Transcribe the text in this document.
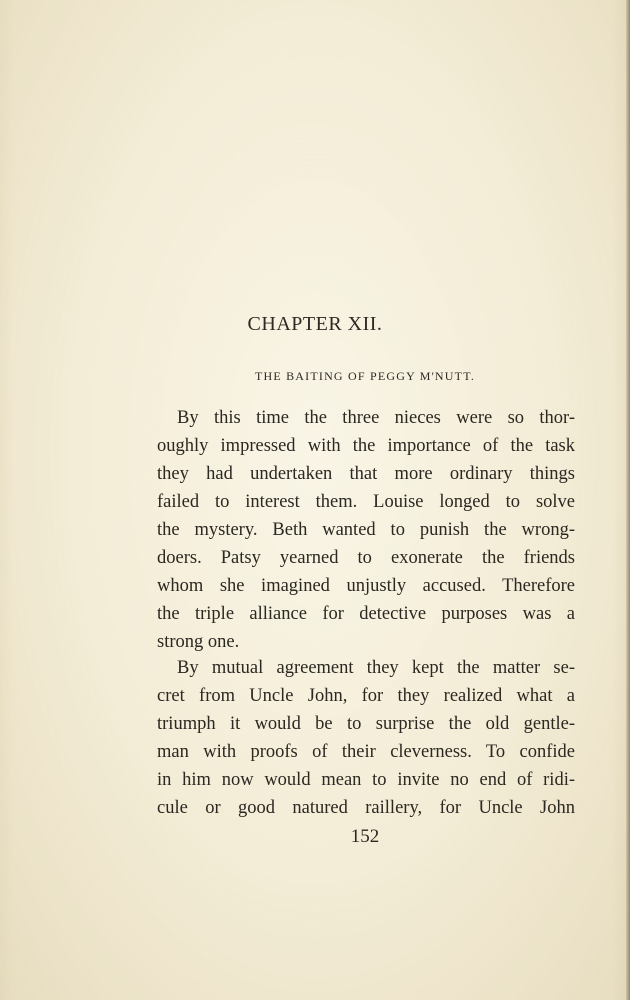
CHAPTER XII.
THE BAITING OF PEGGY M'NUTT.
By this time the three nieces were so thor-
oughly impressed with the importance of the task
they had undertaken that more ordinary things
failed to interest them. Louise longed to solve
the mystery. Beth wanted to punish the wrong-
doers. Patsy yearned to exonerate the friends
whom she imagined unjustly accused. Therefore
the triple alliance for detective purposes was a
strong one.
By mutual agreement they kept the matter se-
cret from Uncle John, for they realized what a
triumph it would be to surprise the old gentle-
man with proofs of their cleverness. To confide
in him now would mean to invite no end of ridi-
cule or good natured raillery, for Uncle John
152
